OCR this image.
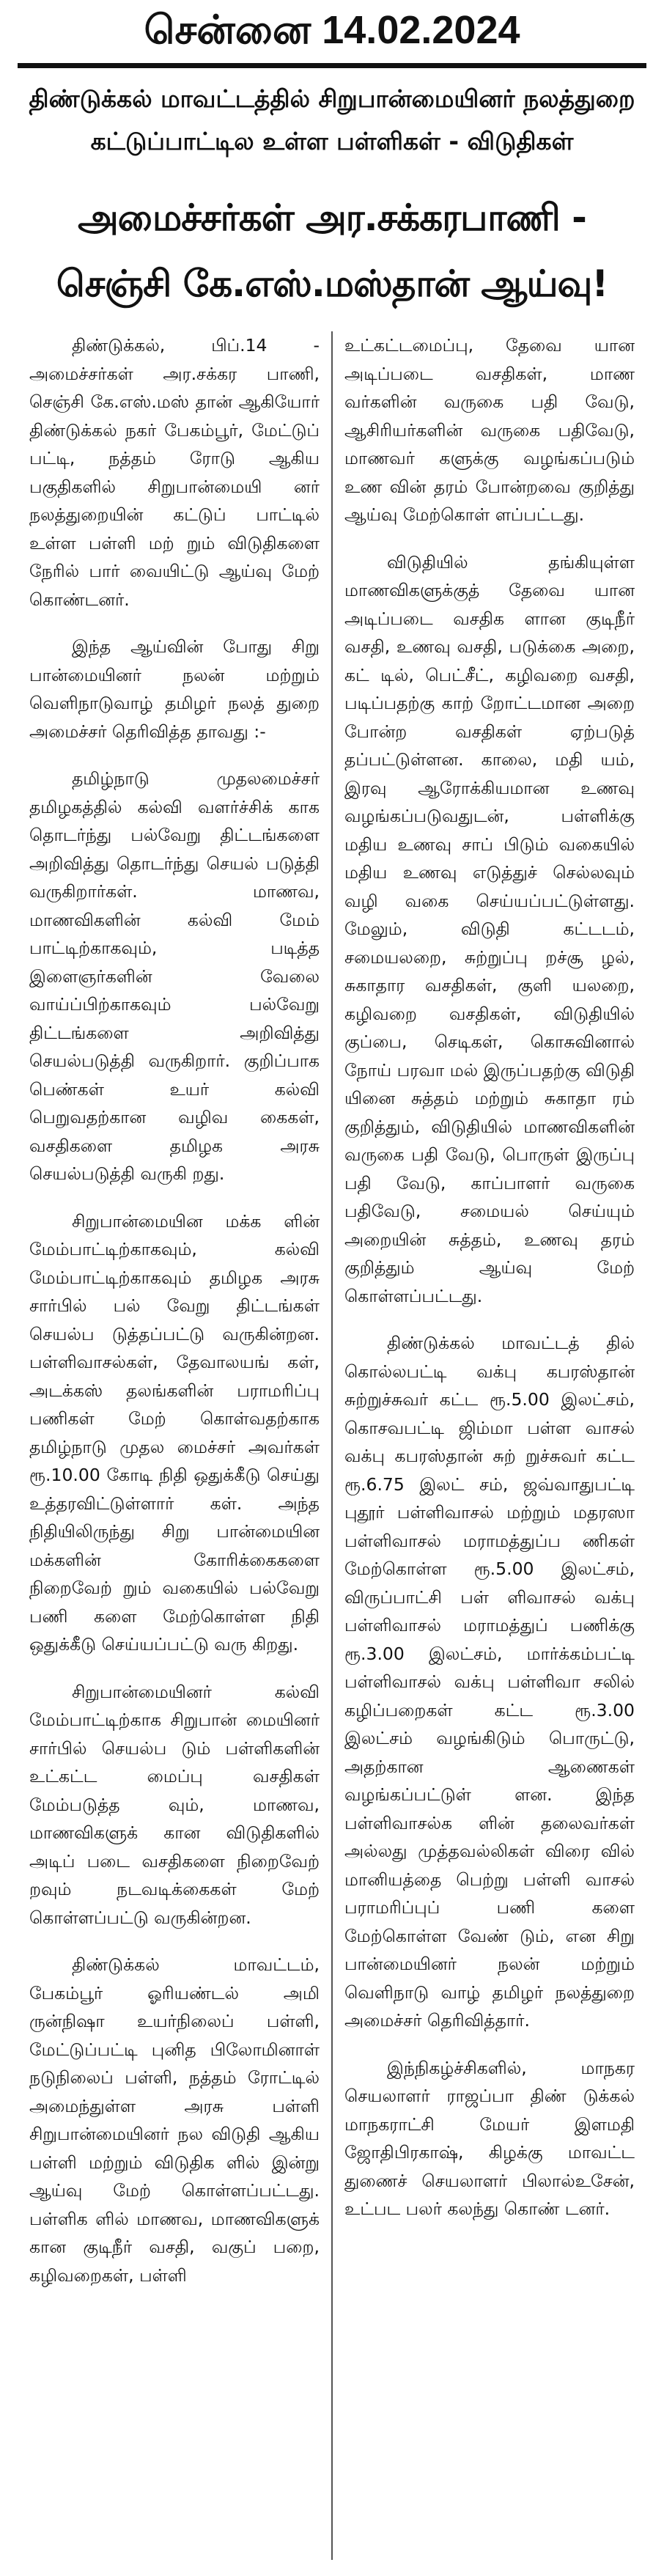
சென்னை 14.02.2024
திண்டுக்கல் மாவட்டத்தில் சிறுபான்மையினர் நலத்துறை
கட்டுப்பாட்டில உள்ள பள்ளிகள் - விடுதிகள்
அமைச்சர்கள் அர.சக்கரபாணி -
செஞ்சி கே.எஸ்.மஸ்தான் ஆய்வு!

திண்டுக்கல், பிப்.14 - அமைச்சர்கள் அர.சக்கர பாணி, செஞ்சி கே.எஸ்.மஸ் தான் ஆகியோர் திண்டுக்கல் நகர் பேகம்பூர், மேட்டுப் பட்டி, நத்தம் ரோடு ஆகிய பகுதிகளில் சிறுபான்மையி னர் நலத்துறையின் கட்டுப் பாட்டில் உள்ள பள்ளி மற் றும் விடுதிகளை நேரில் பார் வையிட்டு ஆய்வு மேற் கொண்டனர்.

இந்த ஆய்வின் போது சிறு பான்மையினர் நலன் மற்றும் வெளிநாடுவாழ் தமிழர் நலத் துறை அமைச்சர் தெரிவித்த தாவது :-

தமிழ்நாடு முதலமைச்சர் தமிழகத்தில் கல்வி வளர்ச்சிக் காக தொடர்ந்து பல்வேறு திட்டங்களை அறிவித்து தொடர்ந்து செயல் படுத்தி வருகிறார்கள். மாணவ, மாணவிகளின் கல்வி மேம் பாட்டிற்காகவும், படித்த இளைஞர்களின் வேலை வாய்ப்பிற்காகவும் பல்வேறு திட்டங்களை அறிவித்து செயல்படுத்தி வருகிறார். குறிப்பாக பெண்கள் உயர் கல்வி பெறுவதற்கான வழிவ கைகள், வசதிகளை தமிழக அரசு செயல்படுத்தி வருகி றது.

சிறுபான்மையின மக்க ளின் மேம்பாட்டிற்காகவும், கல்வி மேம்பாட்டிற்காகவும் தமிழக அரசு சார்பில் பல் வேறு திட்டங்கள் செயல்ப டுத்தப்பட்டு வருகின்றன. பள்ளிவாசல்கள், தேவாலயங் கள், அடக்கஸ் தலங்களின் பராமரிப்பு பணிகள் மேற் கொள்வதற்காக தமிழ்நாடு முதல மைச்சர் அவர்கள் ரூ.10.00 கோடி நிதி ஒதுக்கீடு செய்து உத்தரவிட்டுள்ளார் கள். அந்த நிதியிலிருந்து சிறு பான்மையின மக்களின் கோரிக்கைகளை நிறைவேற் றும் வகையில் பல்வேறு பணி களை மேற்கொள்ள நிதி ஒதுக்கீடு செய்யப்பட்டு வரு கிறது.

சிறுபான்மையினர் கல்வி மேம்பாட்டிற்காக சிறுபான் மையினர் சார்பில் செயல்ப டும் பள்ளிகளின் உட்கட்ட மைப்பு வசதிகள் மேம்படுத்த வும், மாணவ, மாணவிகளுக் கான விடுதிகளில் அடிப் படை வசதிகளை நிறைவேற் றவும் நடவடிக்கைகள் மேற் கொள்ளப்பட்டு வருகின்றன.

திண்டுக்கல் மாவட்டம், பேகம்பூர் ஓரியண்டல் அமி ருன்நிஷா உயர்நிலைப் பள்ளி, மேட்டுப்பட்டி புனித பிலோமினாள் நடுநிலைப் பள்ளி, நத்தம் ரோட்டில் அமைந்துள்ள அரசு பள்ளி சிறுபான்மையினர் நல விடுதி ஆகிய பள்ளி மற்றும் விடுதிக ளில் இன்று ஆய்வு மேற் கொள்ளப்பட்டது. பள்ளிக ளில் மாணவ, மாணவிகளுக் கான குடிநீர் வசதி, வகுப் பறை, கழிவறைகள், பள்ளி

உட்கட்டமைப்பு, தேவை யான அடிப்படை வசதிகள், மாண வர்களின் வருகை பதி வேடு, ஆசிரியர்களின் வருகை பதிவேடு, மாணவர் களுக்கு வழங்கப்படும் உண வின் தரம் போன்றவை குறித்து ஆய்வு மேற்கொள் ளப்பட்டது.

விடுதியில் தங்கியுள்ள மாணவிகளுக்குத் தேவை யான அடிப்படை வசதிக ளான குடிநீர் வசதி, உணவு வசதி, படுக்கை அறை, கட் டில், பெட்சீட், கழிவறை வசதி, படிப்பதற்கு காற் றோட்டமான அறை போன்ற வசதிகள் ஏற்படுத் தப்பட்டுள்ளன. காலை, மதி யம், இரவு ஆரோக்கியமான உணவு வழங்கப்படுவதுடன், பள்ளிக்கு மதிய உணவு சாப் பிடும் வகையில் மதிய உணவு எடுத்துச் செல்லவும் வழி வகை செய்யப்பட்டுள்ளது. மேலும், விடுதி கட்டடம், சமையலறை, சுற்றுப்பு றச்சூ ழல், சுகாதார வசதிகள், குளி யலறை, கழிவறை வசதிகள், விடுதியில் குப்பை, செடிகள், கொசுவினால் நோய் பரவா மல் இருப்பதற்கு விடுதி யினை சுத்தம் மற்றும் சுகாதா ரம் குறித்தும், விடுதியில் மாணவிகளின் வருகை பதி வேடு, பொருள் இருப்பு பதி வேடு, காப்பாளர் வருகை பதிவேடு, சமையல் செய்யும் அறையின் சுத்தம், உணவு தரம் குறித்தும் ஆய்வு மேற் கொள்ளப்பட்டது.

திண்டுக்கல் மாவட்டத் தில் கொல்லபட்டி வக்பு கபரஸ்தான் சுற்றுச்சுவர் கட்ட ரூ.5.00 இலட்சம், கொசவபட்டி ஜிம்மா பள்ள வாசல் வக்பு கபரஸ்தான் சுற் றுச்சுவர் கட்ட ரூ.6.75 இலட் சம், ஜவ்வாதுபட்டி புதூர் பள்ளிவாசல் மற்றும் மதரஸா பள்ளிவாசல் மராமத்துப்ப ணிகள் மேற்கொள்ள ரூ.5.00 இலட்சம், விருப்பாட்சி பள் ளிவாசல் வக்பு பள்ளிவாசல் மராமத்துப் பணிக்கு ரூ.3.00 இலட்சம், மார்க்கம்பட்டி பள்ளிவாசல் வக்பு பள்ளிவா சலில் கழிப்பறைகள் கட்ட ரூ.3.00 இலட்சம் வழங்கிடும் பொருட்டு, அதற்கான ஆணைகள் வழங்கப்பட்டுள் ளன. இந்த பள்ளிவாசல்க ளின் தலைவர்கள் அல்லது முத்தவல்லிகள் விரை வில் மானியத்தை பெற்று பள்ளி வாசல் பராமரிப்புப் பணி களை மேற்கொள்ள வேண் டும், என சிறு பான்மையினர் நலன் மற்றும் வெளிநாடு வாழ் தமிழர் நலத்துறை அமைச்சர் தெரிவித்தார்.

இந்நிகழ்ச்சிகளில், மாநகர செயலாளர் ராஜப்பா திண் டுக்கல் மாநகராட்சி மேயர் இளமதி ஜோதிபிரகாஷ், கிழக்கு மாவட்ட துணைச் செயலாளர் பிலால்உசேன், உட்பட பலர் கலந்து கொண் டனர்.
